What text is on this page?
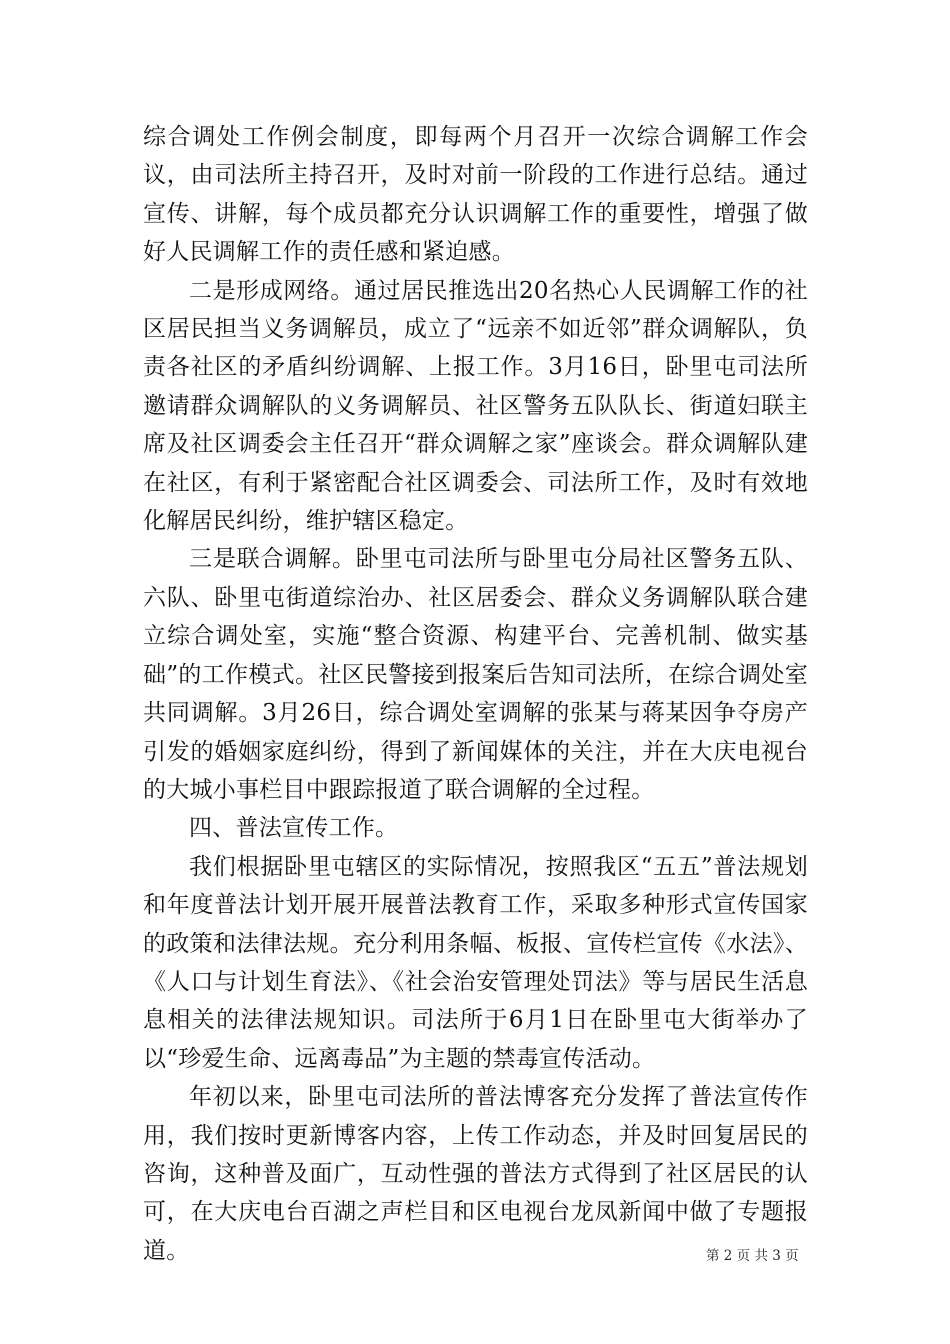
综合调处工作例会制度，即每两个月召开一次综合调解工作会议，由司法所主持召开，及时对前一阶段的工作进行总结。通过宣传、讲解，每个成员都充分认识调解工作的重要性，增强了做好人民调解工作的责任感和紧迫感。

二是形成网络。通过居民推选出20名热心人民调解工作的社区居民担当义务调解员，成立了“远亲不如近邻”群众调解队，负责各社区的矛盾纠纷调解、上报工作。3月16日，卧里屯司法所邀请群众调解队的义务调解员、社区警务五队队长、街道妇联主席及社区调委会主任召开“群众调解之家”座谈会。群众调解队建在社区，有利于紧密配合社区调委会、司法所工作，及时有效地化解居民纠纷，维护辖区稳定。

三是联合调解。卧里屯司法所与卧里屯分局社区警务五队、六队、卧里屯街道综治办、社区居委会、群众义务调解队联合建立综合调处室，实施“整合资源、构建平台、完善机制、做实基础”的工作模式。社区民警接到报案后告知司法所，在综合调处室共同调解。3月26日，综合调处室调解的张某与蒋某因争夺房产引发的婚姻家庭纠纷，得到了新闻媒体的关注，并在大庆电视台的大城小事栏目中跟踪报道了联合调解的全过程。

四、普法宣传工作。

我们根据卧里屯辖区的实际情况，按照我区“五五”普法规划和年度普法计划开展开展普法教育工作，采取多种形式宣传国家的政策和法律法规。充分利用条幅、板报、宣传栏宣传《水法》、《人口与计划生育法》、《社会治安管理处罚法》等与居民生活息息相关的法律法规知识。司法所于6月1日在卧里屯大街举办了以“珍爱生命、远离毒品”为主题的禁毒宣传活动。

年初以来，卧里屯司法所的普法博客充分发挥了普法宣传作用，我们按时更新博客内容，上传工作动态，并及时回复居民的咨询，这种普及面广，互动性强的普法方式得到了社区居民的认可，在大庆电台百湖之声栏目和区电视台龙凤新闻中做了专题报道。	第 2 页 共 3 页
